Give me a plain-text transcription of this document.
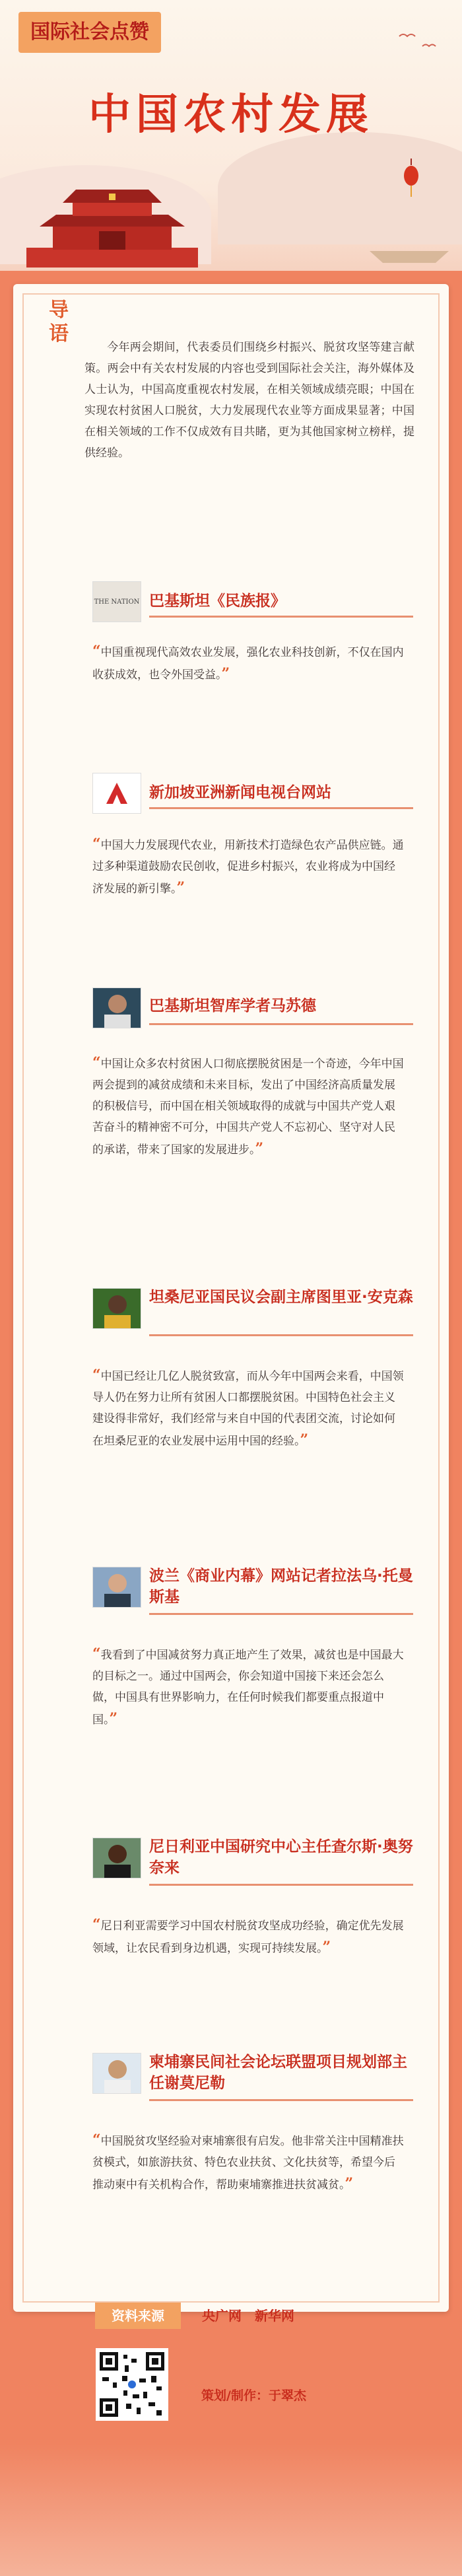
国际社会点赞
中国农村发展
导语
今年两会期间，代表委员们围绕乡村振兴、脱贫攻坚等建言献策。两会中有关农村发展的内容也受到国际社会关注，海外媒体及人士认为，中国高度重视农村发展，在相关领域成绩亮眼；中国在实现农村贫困人口脱贫，大力发展现代农业等方面成果显著；中国在相关领域的工作不仅成效有目共睹，更为其他国家树立榜样，提供经验。
THE NATION 巴基斯坦《民族报》
“中国重视现代高效农业发展，强化农业科技创新，不仅在国内收获成效，也令外国受益。”
新加坡亚洲新闻电视台网站
“中国大力发展现代农业，用新技术打造绿色农产品供应链。通过多种渠道鼓励农民创收，促进乡村振兴，农业将成为中国经济发展的新引擎。”
巴基斯坦智库学者马苏德
“中国让众多农村贫困人口彻底摆脱贫困是一个奇迹，今年中国两会提到的减贫成绩和未来目标，发出了中国经济高质量发展的积极信号，而中国在相关领域取得的成就与中国共产党人艰苦奋斗的精神密不可分，中国共产党人不忘初心、坚守对人民的承诺，带来了国家的发展进步。”
坦桑尼亚国民议会副主席图里亚·安克森
“中国已经让几亿人脱贫致富，而从今年中国两会来看，中国领导人仍在努力让所有贫困人口都摆脱贫困。中国特色社会主义建设得非常好，我们经常与来自中国的代表团交流，讨论如何在坦桑尼亚的农业发展中运用中国的经验。”
波兰《商业内幕》网站记者拉法乌·托曼斯基
“我看到了中国减贫努力真正地产生了效果，减贫也是中国最大的目标之一。通过中国两会，你会知道中国接下来还会怎么做，中国具有世界影响力，在任何时候我们都要重点报道中国。”
尼日利亚中国研究中心主任查尔斯·奥努奈来
“尼日利亚需要学习中国农村脱贫攻坚成功经验，确定优先发展领域，让农民看到身边机遇，实现可持续发展。”
柬埔寨民间社会论坛联盟项目规划部主任谢莫尼勒
“中国脱贫攻坚经验对柬埔寨很有启发。他非常关注中国精准扶贫模式，如旅游扶贫、特色农业扶贫、文化扶贫等，希望今后推动柬中有关机构合作，帮助柬埔寨推进扶贫减贫。”
资料来源	央广网　新华网
策划/制作：于翠杰
